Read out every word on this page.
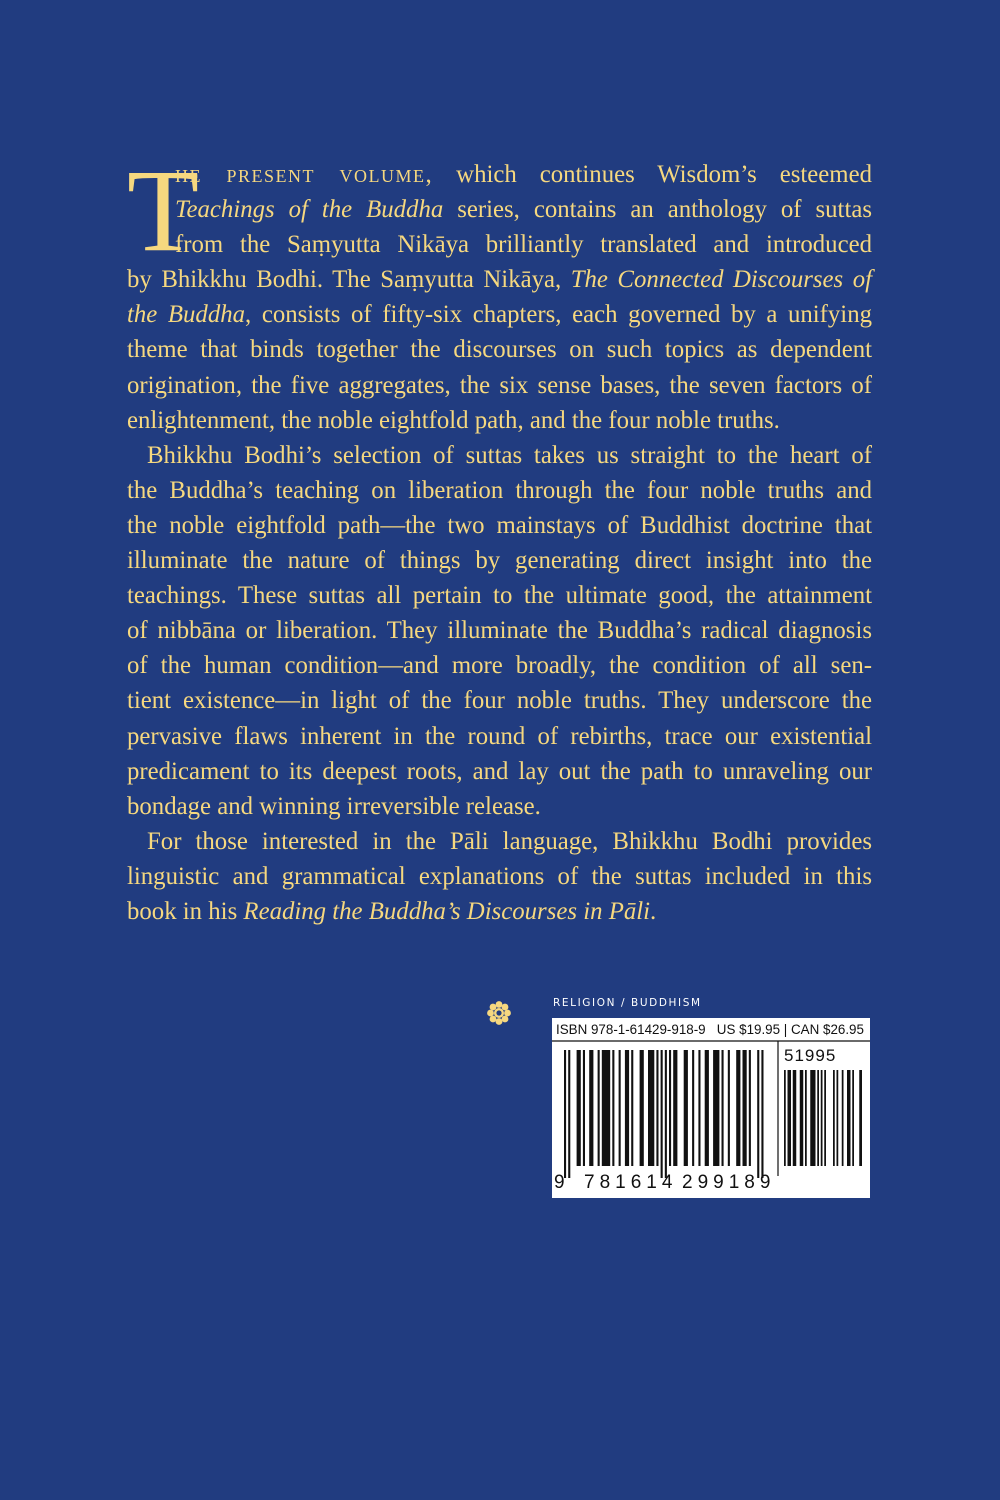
T
he present volume, which continues Wisdom’s esteemed
Teachings of the Buddha series, contains an anthology of suttas
from the Saṃyutta Nikāya brilliantly translated and introduced
by Bhikkhu Bodhi. The Saṃyutta Nikāya, The Connected Discourses of
the Buddha, consists of fifty-six chapters, each governed by a unifying
theme that binds together the discourses on such topics as dependent
origination, the five aggregates, the six sense bases, the seven factors of
enlightenment, the noble eightfold path, and the four noble truths.
Bhikkhu Bodhi’s selection of suttas takes us straight to the heart of
the Buddha’s teaching on liberation through the four noble truths and
the noble eightfold path—the two mainstays of Buddhist doctrine that
illuminate the nature of things by generating direct insight into the
teachings. These suttas all pertain to the ultimate good, the attainment
of nibbāna or liberation. They illuminate the Buddha’s radical diagnosis
of the human condition—and more broadly, the condition of all sen-
tient existence—in light of the four noble truths. They underscore the
pervasive flaws inherent in the round of rebirths, trace our existential
predicament to its deepest roots, and lay out the path to unraveling our
bondage and winning irreversible release.
For those interested in the Pāli language, Bhikkhu Bodhi provides
linguistic and grammatical explanations of the suttas included in this
book in his Reading the Buddha’s Discourses in Pāli.
RELIGION / BUDDHISM
ISBN 978-1-61429-918-9 US $19.95 | CAN $26.95
51995
9 781614 299189
